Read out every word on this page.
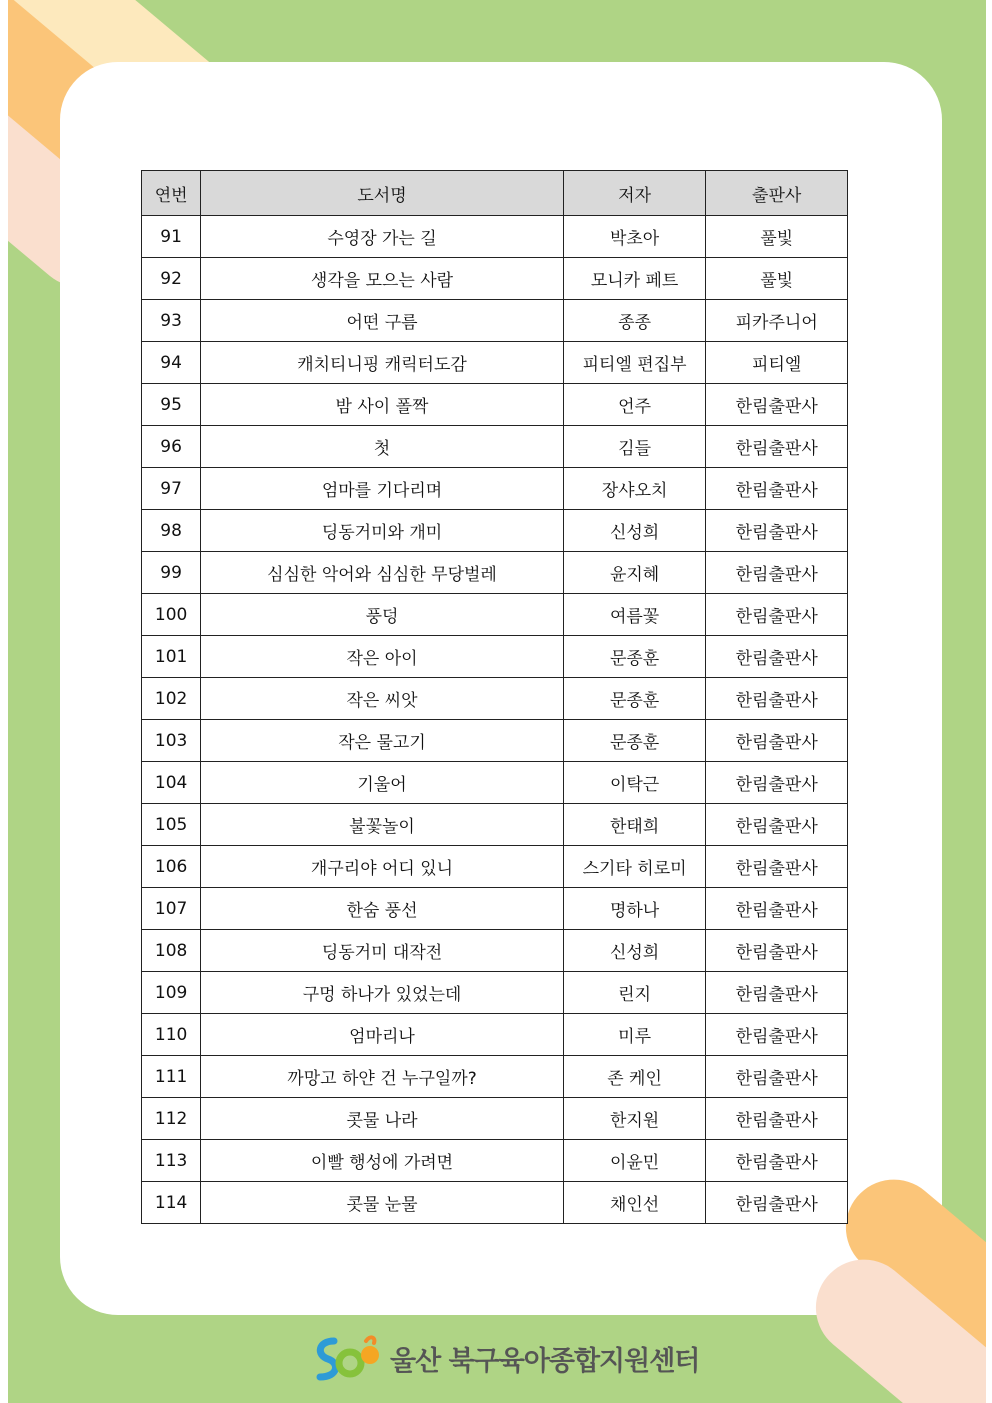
연번	도서명	저자	출판사
91	수영장 가는 길	박초아	풀빛
92	생각을 모으는 사람	모니카 페트	풀빛
93	어떤 구름	종종	피카주니어
94	캐치티니핑 캐릭터도감	피티엘 편집부	피티엘
95	밤 사이 폴짝	언주	한림출판사
96	첫	김들	한림출판사
97	엄마를 기다리며	장샤오치	한림출판사
98	딩동거미와 개미	신성희	한림출판사
99	심심한 악어와 심심한 무당벌레	윤지혜	한림출판사
100	풍덩	여름꽃	한림출판사
101	작은 아이	문종훈	한림출판사
102	작은 씨앗	문종훈	한림출판사
103	작은 물고기	문종훈	한림출판사
104	기울어	이탁근	한림출판사
105	불꽃놀이	한태희	한림출판사
106	개구리야 어디 있니	스기타 히로미	한림출판사
107	한숨 풍선	명하나	한림출판사
108	딩동거미 대작전	신성희	한림출판사
109	구멍 하나가 있었는데	린지	한림출판사
110	엄마리나	미루	한림출판사
111	까망고 하얀 건 누구일까?	존 케인	한림출판사
112	콧물 나라	한지원	한림출판사
113	이빨 행성에 가려면	이윤민	한림출판사
114	콧물 눈물	채인선	한림출판사
울산 북구육아종합지원센터
